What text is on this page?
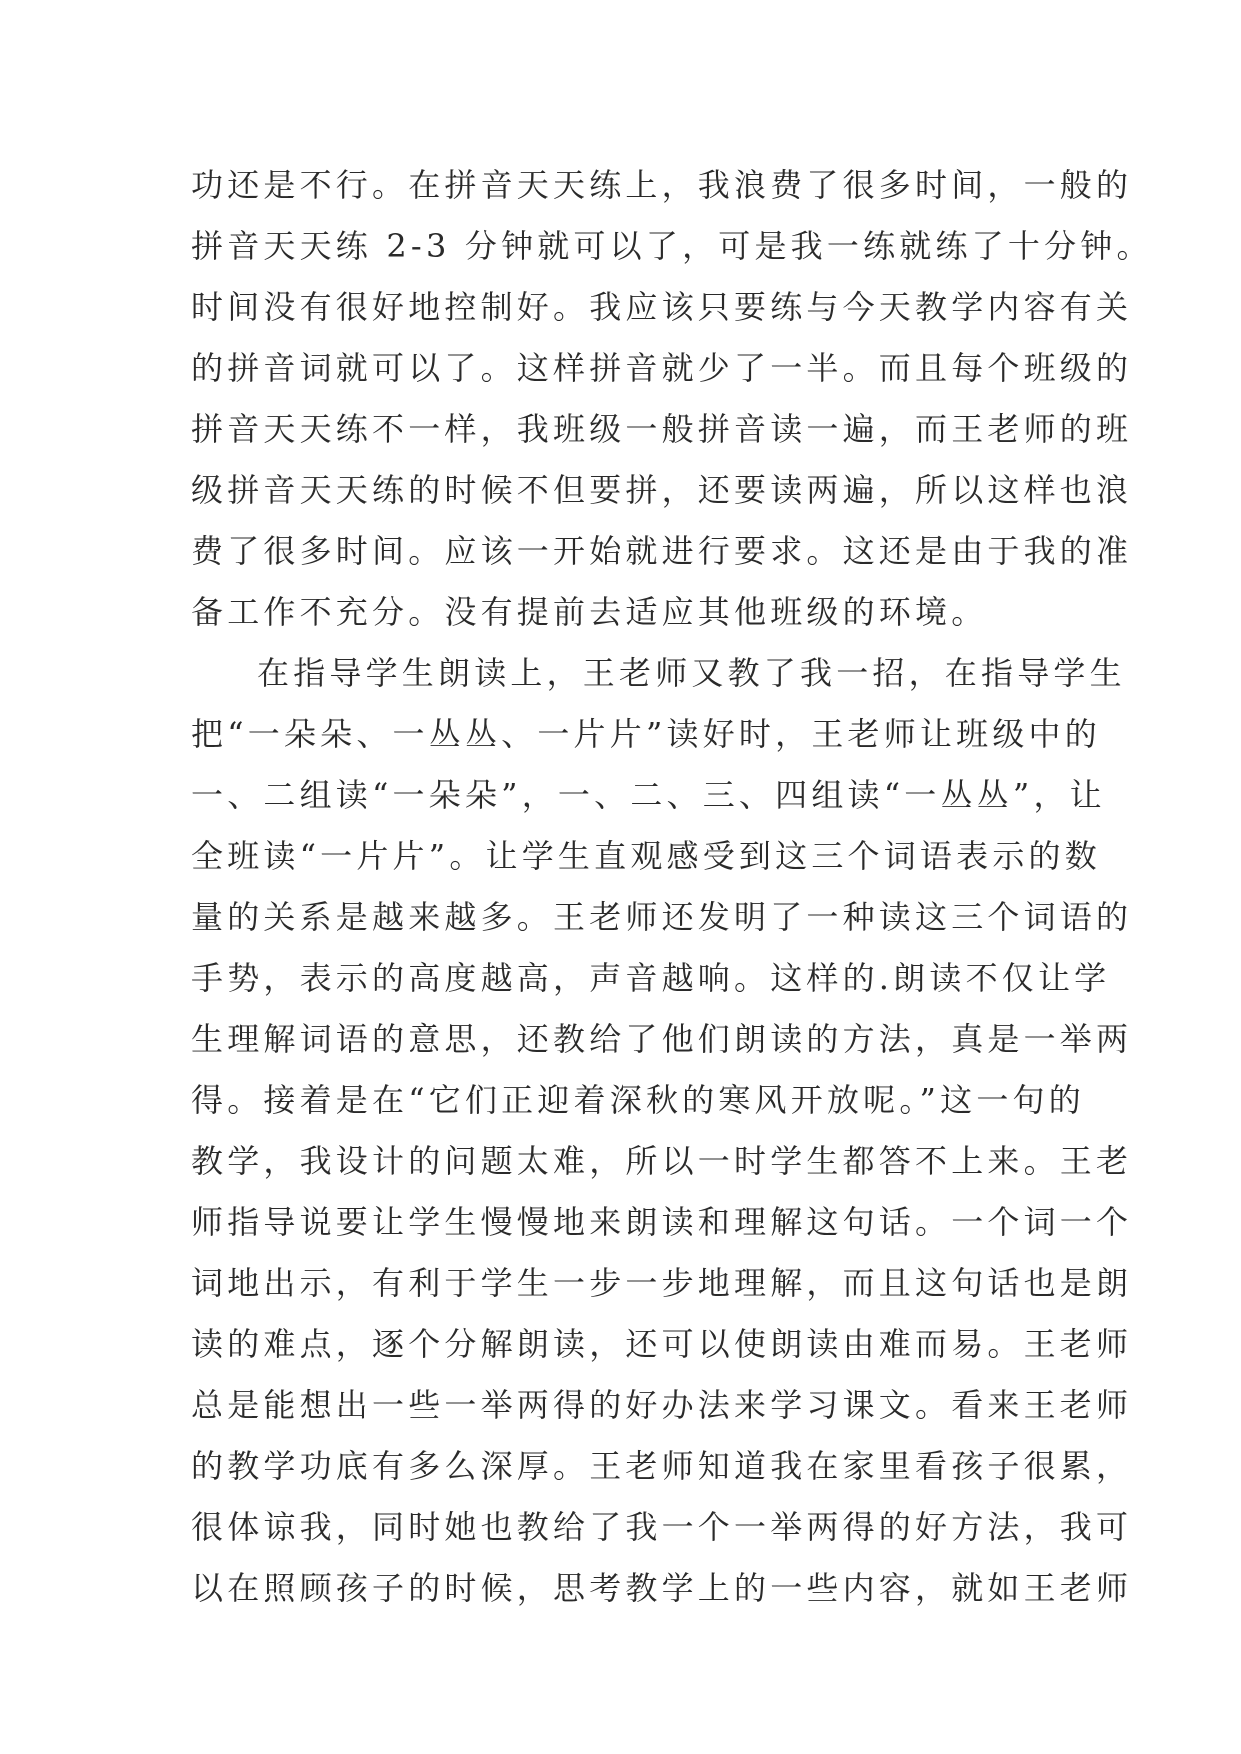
功还是不行。在拼音天天练上，我浪费了很多时间，一般的
拼音天天练 2-3 分钟就可以了，可是我一练就练了十分钟。
时间没有很好地控制好。我应该只要练与今天教学内容有关
的拼音词就可以了。这样拼音就少了一半。而且每个班级的
拼音天天练不一样，我班级一般拼音读一遍，而王老师的班
级拼音天天练的时候不但要拼，还要读两遍，所以这样也浪
费了很多时间。应该一开始就进行要求。这还是由于我的准
备工作不充分。没有提前去适应其他班级的环境。
在指导学生朗读上，王老师又教了我一招，在指导学生
把“一朵朵、一丛丛、一片片”读好时，王老师让班级中的
一、二组读“一朵朵”，一、二、三、四组读“一丛丛”，让
全班读“一片片”。让学生直观感受到这三个词语表示的数
量的关系是越来越多。王老师还发明了一种读这三个词语的
手势，表示的高度越高，声音越响。这样的.朗读不仅让学
生理解词语的意思，还教给了他们朗读的方法，真是一举两
得。接着是在“它们正迎着深秋的寒风开放呢。”这一句的
教学，我设计的问题太难，所以一时学生都答不上来。王老
师指导说要让学生慢慢地来朗读和理解这句话。一个词一个
词地出示，有利于学生一步一步地理解，而且这句话也是朗
读的难点，逐个分解朗读，还可以使朗读由难而易。王老师
总是能想出一些一举两得的好办法来学习课文。看来王老师
的教学功底有多么深厚。王老师知道我在家里看孩子很累，
很体谅我，同时她也教给了我一个一举两得的好方法，我可
以在照顾孩子的时候，思考教学上的一些内容，就如王老师
